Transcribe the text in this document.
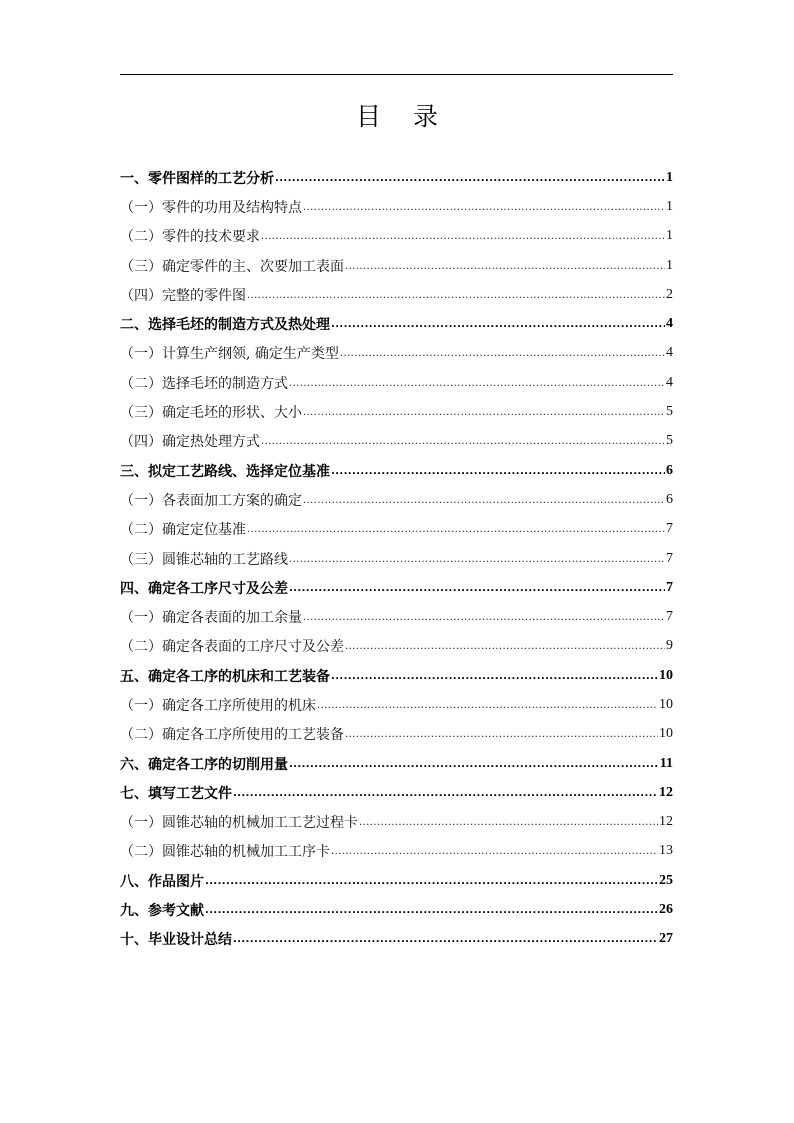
目 录
一、零件图样的工艺分析 .....	1
（一）零件的功用及结构特点 .....	1
（二）零件的技术要求 .....	1
（三）确定零件的主、次要加工表面 .....	1
（四）完整的零件图 .....	2
二、选择毛坯的制造方式及热处理 .....	4
（一）计算生产纲领, 确定生产类型 .....	4
（二）选择毛坯的制造方式 .....	4
（三）确定毛坯的形状、大小 .....	5
（四）确定热处理方式 .....	5
三、拟定工艺路线、选择定位基准 .....	6
（一）各表面加工方案的确定 .....	6
（二）确定定位基准 .....	7
（三）圆锥芯轴的工艺路线 .....	7
四、确定各工序尺寸及公差 .....	7
（一）确定各表面的加工余量 .....	7
（二）确定各表面的工序尺寸及公差 .....	9
五、确定各工序的机床和工艺装备 .....	10
（一）确定各工序所使用的机床 .....	10
（二）确定各工序所使用的工艺装备 .....	10
六、确定各工序的切削用量 .....	11
七、填写工艺文件 .....	12
（一）圆锥芯轴的机械加工工艺过程卡 .....	12
（二）圆锥芯轴的机械加工工序卡 .....	13
八、作品图片 .....	25
九、参考文献 .....	26
十、毕业设计总结 .....	27
